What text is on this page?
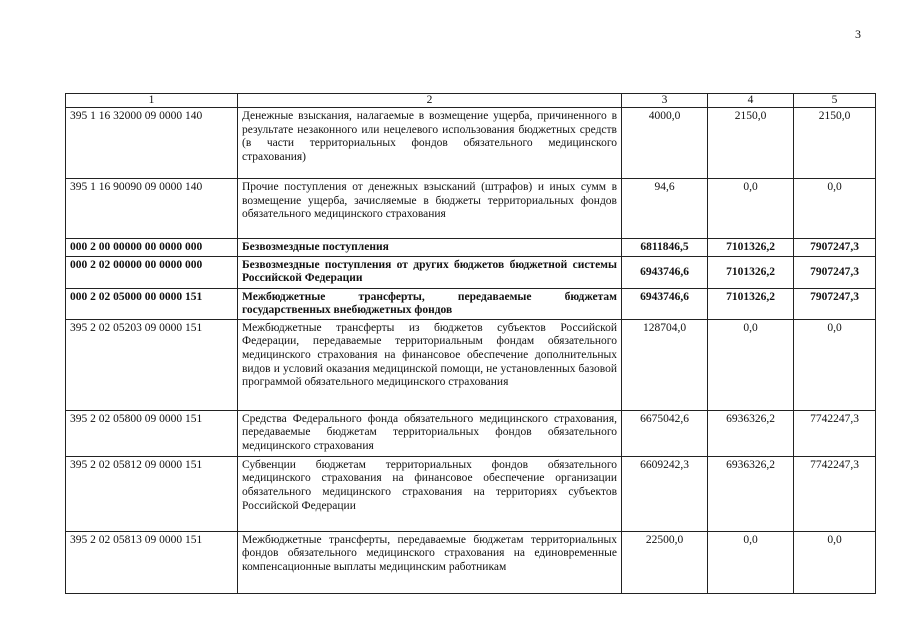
3
1	2	3	4	5
395 1 16 32000 09 0000 140	Денежные взыскания, налагаемые в возмещение ущерба, причиненного в результате незаконного или нецелевого использования бюджетных средств (в части территориальных фондов обязательного медицинского страхования)	4000,0	2150,0	2150,0
395 1 16 90090 09 0000 140	Прочие поступления от денежных взысканий (штрафов) и иных сумм в возмещение ущерба, зачисляемые в бюджеты территориальных фондов обязательного медицинского страхования	94,6	0,0	0,0
000 2 00 00000 00 0000 000	Безвозмездные поступления	6811846,5	7101326,2	7907247,3
000 2 02 00000 00 0000 000	Безвозмездные поступления от других бюджетов бюджетной системы Российской Федерации	6943746,6	7101326,2	7907247,3
000 2 02 05000 00 0000 151	Межбюджетные трансферты, передаваемые бюджетам государственных внебюджетных фондов	6943746,6	7101326,2	7907247,3
395 2 02 05203 09 0000 151	Межбюджетные трансферты из бюджетов субъектов Российской Федерации, передаваемые территориальным фондам обязательного медицинского страхования на финансовое обеспечение дополнительных видов и условий оказания медицинской помощи, не установленных базовой программой обязательного медицинского страхования	128704,0	0,0	0,0
395 2 02 05800 09 0000 151	Средства Федерального фонда обязательного медицинского страхования, передаваемые бюджетам территориальных фондов обязательного медицинского страхования	6675042,6	6936326,2	7742247,3
395 2 02 05812 09 0000 151	Субвенции бюджетам территориальных фондов обязательного медицинского страхования на финансовое обеспечение организации обязательного медицинского страхования на территориях субъектов Российской Федерации	6609242,3	6936326,2	7742247,3
395 2 02 05813 09 0000 151	Межбюджетные трансферты, передаваемые бюджетам территориальных фондов обязательного медицинского страхования на единовременные компенсационные выплаты медицинским работникам	22500,0	0,0	0,0
